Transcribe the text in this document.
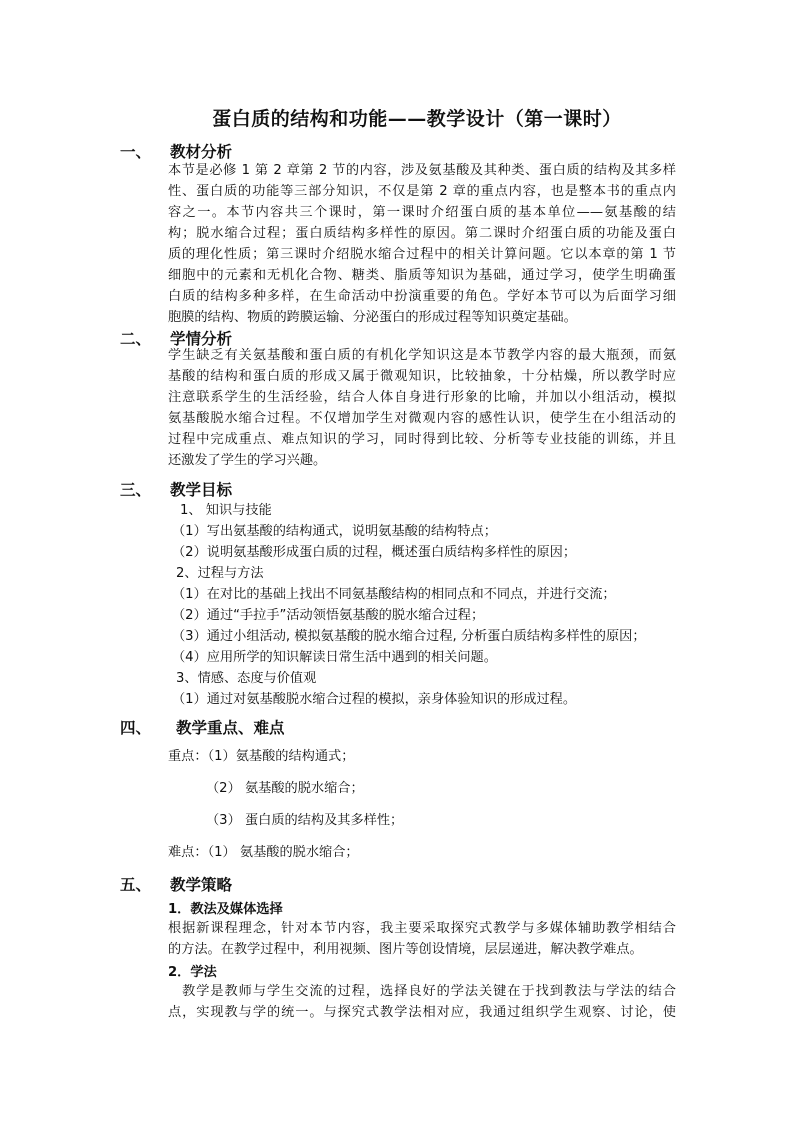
蛋白质的结构和功能——教学设计（第一课时）
一、 教材分析
本节是必修 1 第 2 章第 2 节的内容，涉及氨基酸及其种类、蛋白质的结构及其多样
性、蛋白质的功能等三部分知识，不仅是第 2 章的重点内容，也是整本书的重点内
容之一。本节内容共三个课时，第一课时介绍蛋白质的基本单位——氨基酸的结
构；脱水缩合过程；蛋白质结构多样性的原因。第二课时介绍蛋白质的功能及蛋白
质的理化性质；第三课时介绍脱水缩合过程中的相关计算问题。它以本章的第 1 节
细胞中的元素和无机化合物、糖类、脂质等知识为基础，通过学习，使学生明确蛋
白质的结构多种多样，在生命活动中扮演重要的角色。学好本节可以为后面学习细
胞膜的结构、物质的跨膜运输、分泌蛋白的形成过程等知识奠定基础。
二、 学情分析
学生缺乏有关氨基酸和蛋白质的有机化学知识这是本节教学内容的最大瓶颈，而氨
基酸的结构和蛋白质的形成又属于微观知识，比较抽象，十分枯燥，所以教学时应
注意联系学生的生活经验，结合人体自身进行形象的比喻，并加以小组活动，模拟
氨基酸脱水缩合过程。不仅增加学生对微观内容的感性认识，使学生在小组活动的
过程中完成重点、难点知识的学习，同时得到比较、分析等专业技能的训练，并且
还激发了学生的学习兴趣。
三、 教学目标
1、 知识与技能
（1）写出氨基酸的结构通式，说明氨基酸的结构特点；
（2）说明氨基酸形成蛋白质的过程，概述蛋白质结构多样性的原因；
2、过程与方法
（1）在对比的基础上找出不同氨基酸结构的相同点和不同点，并进行交流；
（2）通过“手拉手”活动领悟氨基酸的脱水缩合过程；
（3）通过小组活动, 模拟氨基酸的脱水缩合过程, 分析蛋白质结构多样性的原因；
（4）应用所学的知识解读日常生活中遇到的相关问题。
3、情感、态度与价值观
（1）通过对氨基酸脱水缩合过程的模拟，亲身体验知识的形成过程。
四、 教学重点、难点
重点：（1）氨基酸的结构通式；
（2） 氨基酸的脱水缩合；
（3） 蛋白质的结构及其多样性；
难点：（1） 氨基酸的脱水缩合；
五、 教学策略
1．教法及媒体选择
根据新课程理念，针对本节内容，我主要采取探究式教学与多媒体辅助教学相结合
的方法。在教学过程中，利用视频、图片等创设情境，层层递进，解决教学难点。
2．学法
　教学是教师与学生交流的过程，选择良好的学法关键在于找到教法与学法的结合
点，实现教与学的统一。与探究式教学法相对应，我通过组织学生观察、讨论，使
